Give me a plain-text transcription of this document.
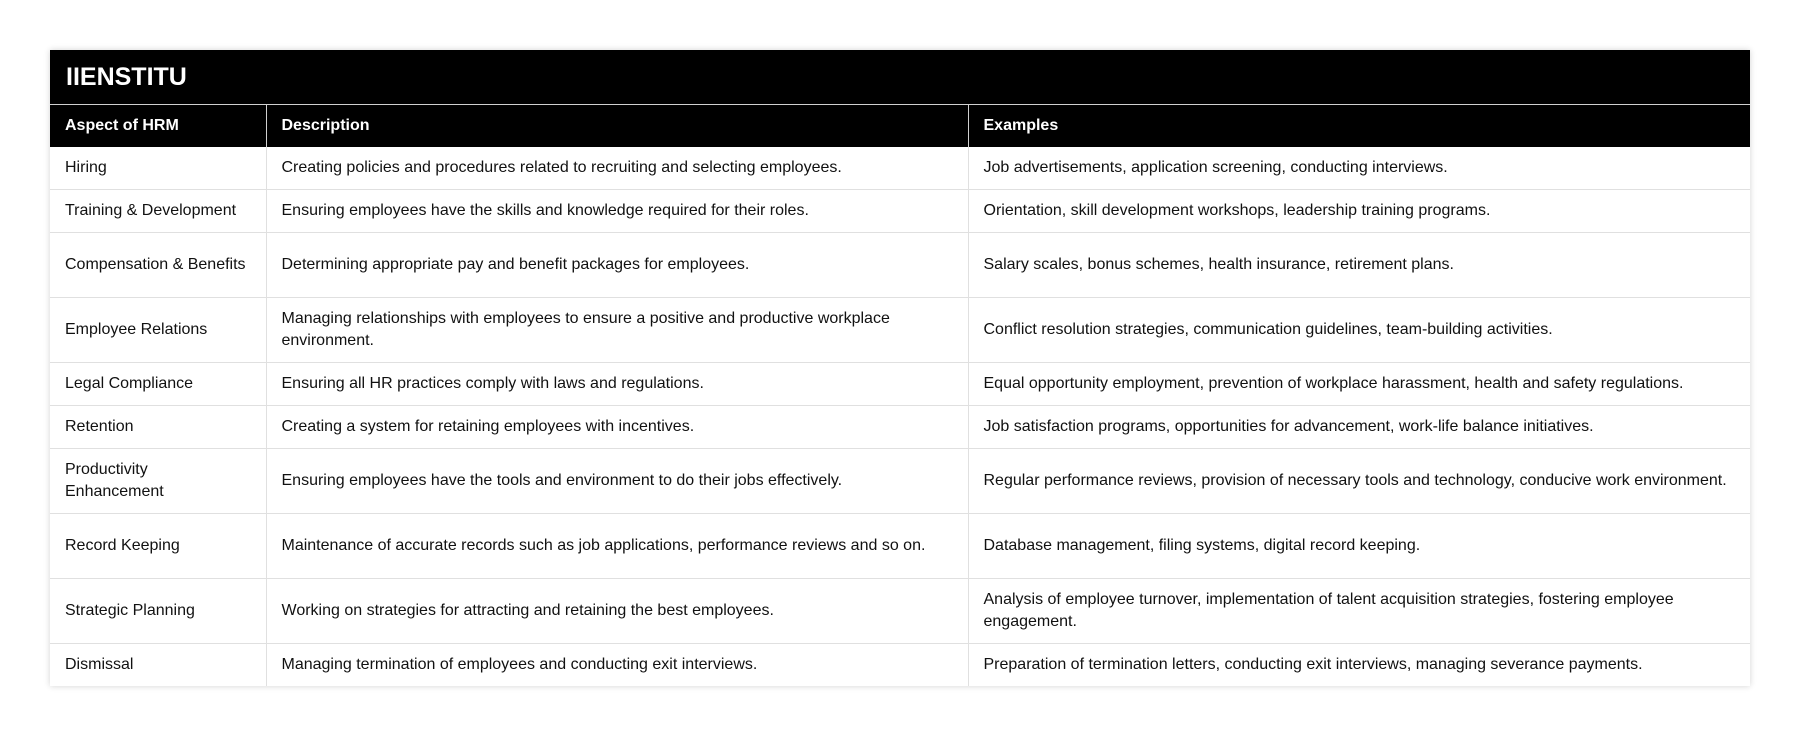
IIENSTITU
Aspect of HRM	Description	Examples
Hiring	Creating policies and procedures related to recruiting and selecting employees.	Job advertisements, application screening, conducting interviews.
Training & Development	Ensuring employees have the skills and knowledge required for their roles.	Orientation, skill development workshops, leadership training programs.
Compensation & Benefits	Determining appropriate pay and benefit packages for employees.	Salary scales, bonus schemes, health insurance, retirement plans.
Employee Relations	Managing relationships with employees to ensure a positive and productive workplace environment.	Conflict resolution strategies, communication guidelines, team-building activities.
Legal Compliance	Ensuring all HR practices comply with laws and regulations.	Equal opportunity employment, prevention of workplace harassment, health and safety regulations.
Retention	Creating a system for retaining employees with incentives.	Job satisfaction programs, opportunities for advancement, work-life balance initiatives.
Productivity Enhancement	Ensuring employees have the tools and environment to do their jobs effectively.	Regular performance reviews, provision of necessary tools and technology, conducive work environment.
Record Keeping	Maintenance of accurate records such as job applications, performance reviews and so on.	Database management, filing systems, digital record keeping.
Strategic Planning	Working on strategies for attracting and retaining the best employees.	Analysis of employee turnover, implementation of talent acquisition strategies, fostering employee engagement.
Dismissal	Managing termination of employees and conducting exit interviews.	Preparation of termination letters, conducting exit interviews, managing severance payments.
